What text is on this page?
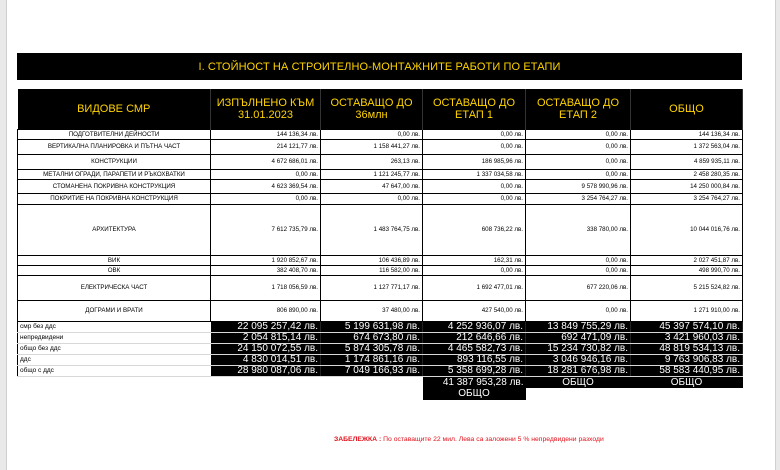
I. СТОЙНОСТ НА СТРОИТЕЛНО-МОНТАЖНИТЕ РАБОТИ ПО ЕТАПИ
ВИДОВЕ СМР	ИЗПЪЛНЕНО КЪМ 31.01.2023	ОСТАВАЩО ДО 36млн	ОСТАВАЩО ДО ЕТАП 1	ОСТАВАЩО ДО ЕТАП 2	ОБЩО
ПОДГОТВИТЕЛНИ ДЕЙНОСТИ	144 136,34 лв.	0,00 лв.	0,00 лв.	0,00 лв.	144 136,34 лв.
ВЕРТИКАЛНА ПЛАНИРОВКА И ПЪТНА ЧАСТ	214 121,77 лв.	1 158 441,27 лв.	0,00 лв.	0,00 лв.	1 372 563,04 лв.
КОНСТРУКЦИИ	4 672 686,01 лв.	263,13 лв.	186 985,96 лв.	0,00 лв.	4 859 935,11 лв.
МЕТАЛНИ ОГРАДИ, ПАРАПЕТИ И РЪКОХВАТКИ	0,00 лв.	1 121 245,77 лв.	1 337 034,58 лв.	0,00 лв.	2 458 280,35 лв.
СТОМАНЕНА ПОКРИВНА КОНСТРУКЦИЯ	4 623 369,54 лв.	47 647,00 лв.	0,00 лв.	9 578 990,96 лв.	14 250 000,84 лв.
ПОКРИТИЕ НА ПОКРИВНА КОНСТРУКЦИЯ	0,00 лв.	0,00 лв.	0,00 лв.	3 254 764,27 лв.	3 254 764,27 лв.
АРХИТЕКТУРА	7 612 735,79 лв.	1 483 764,75 лв.	608 736,22 лв.	338 780,00 лв.	10 044 016,76 лв.
ВИК	1 920 852,67 лв.	106 436,89 лв.	162,31 лв.	0,00 лв.	2 027 451,87 лв.
ОВК	382 408,70 лв.	116 582,00 лв.	0,00 лв.	0,00 лв.	498 990,70 лв.
ЕЛЕКТРИЧЕСКА ЧАСТ	1 718 056,59 лв.	1 127 771,17 лв.	1 692 477,01 лв.	677 220,06 лв.	5 215 524,82 лв.
ДОГРАМИ И ВРАТИ	806 890,00 лв.	37 480,00 лв.	427 540,00 лв.	0,00 лв.	1 271 910,00 лв.
смр без ддс	22 095 257,42 лв.	5 199 631,98 лв.	4 252 936,07 лв.	13 849 755,29 лв.	45 397 574,10 лв.
непредвидени	2 054 815,14 лв.	674 673,80 лв.	212 646,66 лв.	692 471,09 лв.	3 421 960,03 лв.
общо без ддс	24 150 072,55 лв.	5 874 305,78 лв.	4 465 582,73 лв.	15 234 730,82 лв.	48 819 534,13 лв.
ддс	4 830 014,51 лв.	1 174 861,16 лв.	893 116,55 лв.	3 046 946,16 лв.	9 763 906,83 лв.
общо с ддс	28 980 087,06 лв.	7 049 166,93 лв.	5 358 699,28 лв.	18 281 676,98 лв.	58 583 440,95 лв.
			41 387 953,28 лв.	ОБЩО	ОБЩО
			ОБЩО		
ЗАБЕЛЕЖКА : По оставащите 22 мил. Лева са заложени 5 % непредвидени разходи
